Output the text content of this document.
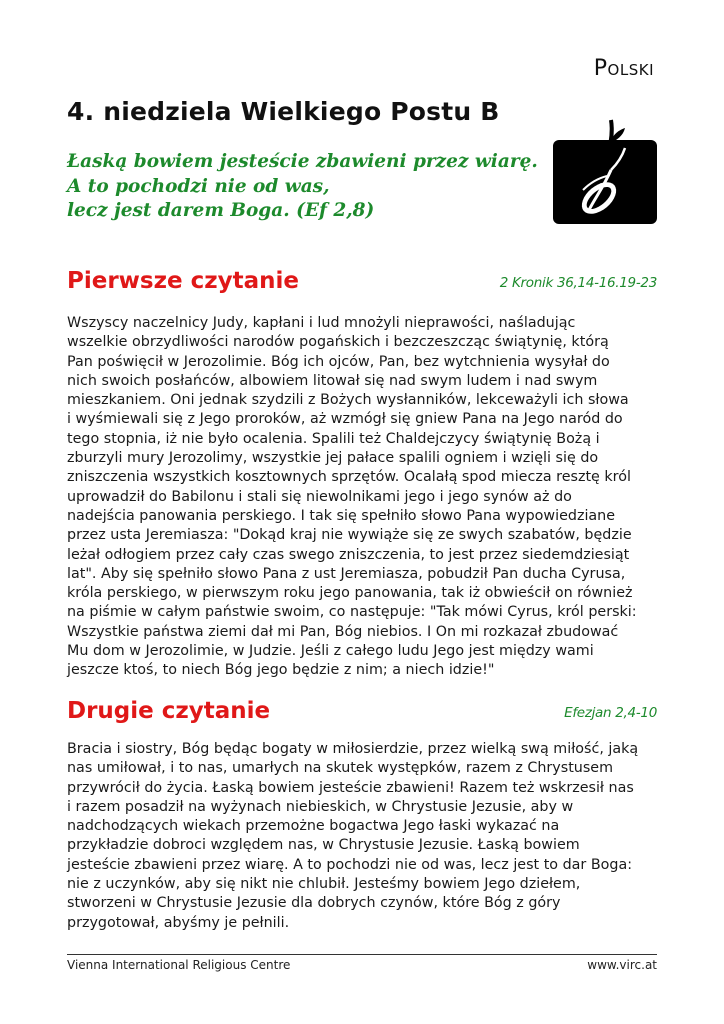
Polski
4. niedziela Wielkiego Postu B
Łaską bowiem jesteście zbawieni przez wiarę.
A to pochodzi nie od was,
lecz jest darem Boga. (Ef 2,8)
Pierwsze czytanie	2 Kronik 36,14-16.19-23
Wszyscy naczelnicy Judy, kapłani i lud mnożyli nieprawości, naśladując
wszelkie obrzydliwości narodów pogańskich i bezczeszcząc świątynię, którą
Pan poświęcił w Jerozolimie. Bóg ich ojców, Pan, bez wytchnienia wysyłał do
nich swoich posłańców, albowiem litował się nad swym ludem i nad swym
mieszkaniem. Oni jednak szydzili z Bożych wysłanników, lekceważyli ich słowa
i wyśmiewali się z Jego proroków, aż wzmógł się gniew Pana na Jego naród do
tego stopnia, iż nie było ocalenia. Spalili też Chaldejczycy świątynię Bożą i
zburzyli mury Jerozolimy, wszystkie jej pałace spalili ogniem i wzięli się do
zniszczenia wszystkich kosztownych sprzętów. Ocalałą spod miecza resztę król
uprowadził do Babilonu i stali się niewolnikami jego i jego synów aż do
nadejścia panowania perskiego. I tak się spełniło słowo Pana wypowiedziane
przez usta Jeremiasza: "Dokąd kraj nie wywiąże się ze swych szabatów, będzie
leżał odłogiem przez cały czas swego zniszczenia, to jest przez siedemdziesiąt
lat". Aby się spełniło słowo Pana z ust Jeremiasza, pobudził Pan ducha Cyrusa,
króla perskiego, w pierwszym roku jego panowania, tak iż obwieścił on również
na piśmie w całym państwie swoim, co następuje: "Tak mówi Cyrus, król perski:
Wszystkie państwa ziemi dał mi Pan, Bóg niebios. I On mi rozkazał zbudować
Mu dom w Jerozolimie, w Judzie. Jeśli z całego ludu Jego jest między wami
jeszcze ktoś, to niech Bóg jego będzie z nim; a niech idzie!"
Drugie czytanie	Efezjan 2,4-10
Bracia i siostry, Bóg będąc bogaty w miłosierdzie, przez wielką swą miłość, jaką
nas umiłował, i to nas, umarłych na skutek występków, razem z Chrystusem
przywrócił do życia. Łaską bowiem jesteście zbawieni! Razem też wskrzesił nas
i razem posadził na wyżynach niebieskich, w Chrystusie Jezusie, aby w
nadchodzących wiekach przemożne bogactwa Jego łaski wykazać na
przykładzie dobroci względem nas, w Chrystusie Jezusie. Łaską bowiem
jesteście zbawieni przez wiarę. A to pochodzi nie od was, lecz jest to dar Boga:
nie z uczynków, aby się nikt nie chlubił. Jesteśmy bowiem Jego dziełem,
stworzeni w Chrystusie Jezusie dla dobrych czynów, które Bóg z góry
przygotował, abyśmy je pełnili.
Vienna International Religious Centre	www.virc.at
